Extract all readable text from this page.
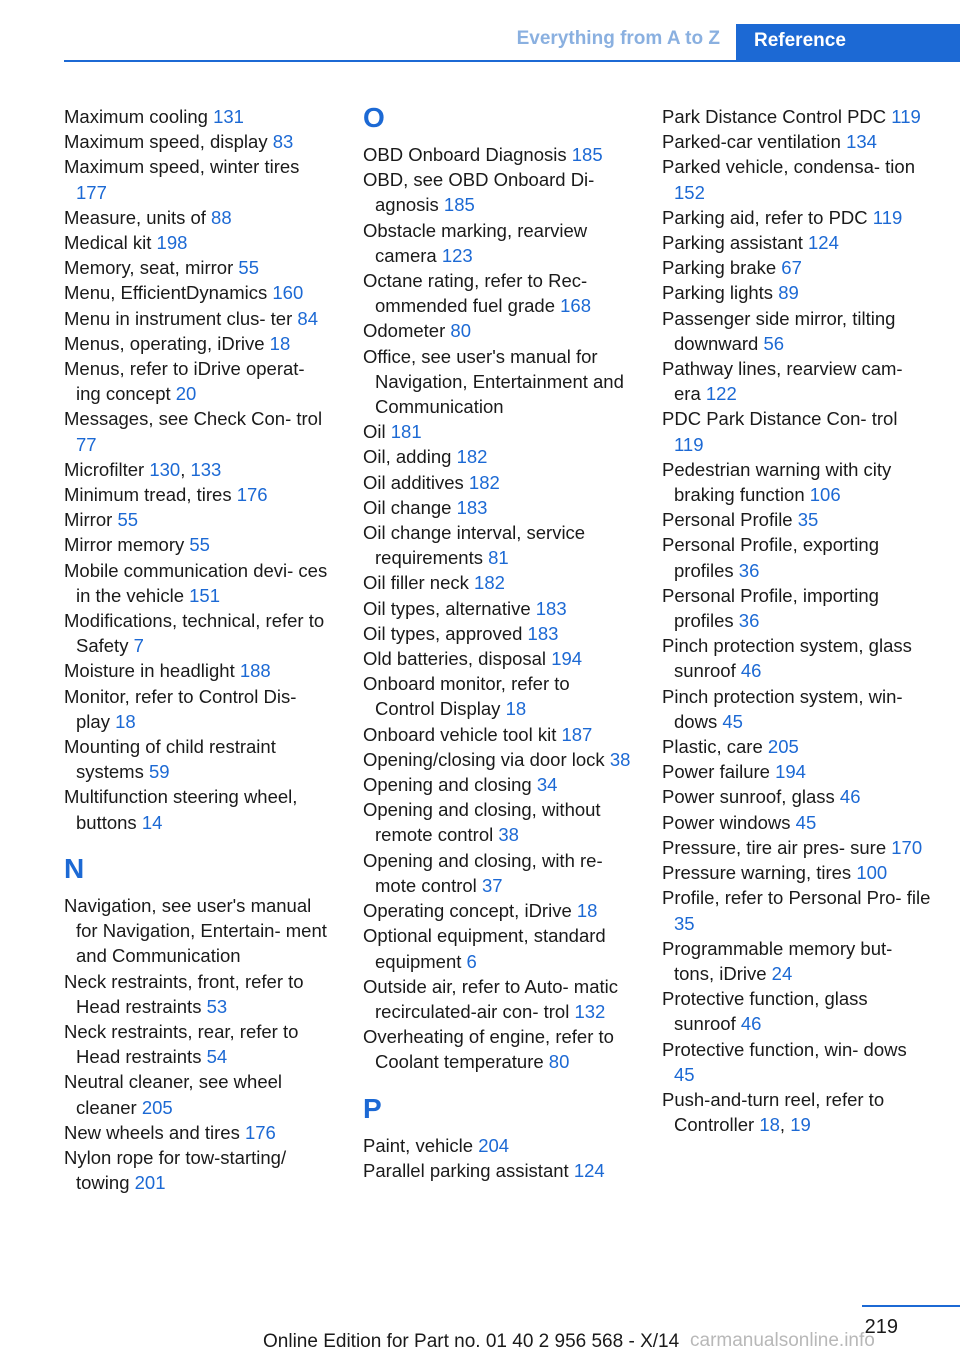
Everything from A to Z	Reference
Maximum cooling 131
Maximum speed, display 83
Maximum speed, winter tires 177
Measure, units of 88
Medical kit 198
Memory, seat, mirror 55
Menu, EfficientDynamics 160
Menu in instrument clus‑ ter 84
Menus, operating, iDrive 18
Menus, refer to iDrive operat‑ ing concept 20
Messages, see Check Con‑ trol 77
Microfilter 130, 133
Minimum tread, tires 176
Mirror 55
Mirror memory 55
Mobile communication devi‑ ces in the vehicle 151
Modifications, technical, refer to Safety 7
Moisture in headlight 188
Monitor, refer to Control Dis‑ play 18
Mounting of child restraint systems 59
Multifunction steering wheel, buttons 14
N
Navigation, see user's manual for Navigation, Entertain‑ ment and Communication
Neck restraints, front, refer to Head restraints 53
Neck restraints, rear, refer to Head restraints 54
Neutral cleaner, see wheel cleaner 205
New wheels and tires 176
Nylon rope for tow-starting/ towing 201
O
OBD Onboard Diagnosis 185
OBD, see OBD Onboard Di‑ agnosis 185
Obstacle marking, rearview camera 123
Octane rating, refer to Rec‑ ommended fuel grade 168
Odometer 80
Office, see user's manual for Navigation, Entertainment and Communication
Oil 181
Oil, adding 182
Oil additives 182
Oil change 183
Oil change interval, service requirements 81
Oil filler neck 182
Oil types, alternative 183
Oil types, approved 183
Old batteries, disposal 194
Onboard monitor, refer to Control Display 18
Onboard vehicle tool kit 187
Opening/closing via door lock 38
Opening and closing 34
Opening and closing, without remote control 38
Opening and closing, with re‑ mote control 37
Operating concept, iDrive 18
Optional equipment, standard equipment 6
Outside air, refer to Auto‑ matic recirculated-air con‑ trol 132
Overheating of engine, refer to Coolant temperature 80
P
Paint, vehicle 204
Parallel parking assistant 124
Park Distance Control PDC 119
Parked-car ventilation 134
Parked vehicle, condensa‑ tion 152
Parking aid, refer to PDC 119
Parking assistant 124
Parking brake 67
Parking lights 89
Passenger side mirror, tilting downward 56
Pathway lines, rearview cam‑ era 122
PDC Park Distance Con‑ trol 119
Pedestrian warning with city braking function 106
Personal Profile 35
Personal Profile, exporting profiles 36
Personal Profile, importing profiles 36
Pinch protection system, glass sunroof 46
Pinch protection system, win‑ dows 45
Plastic, care 205
Power failure 194
Power sunroof, glass 46
Power windows 45
Pressure, tire air pres‑ sure 170
Pressure warning, tires 100
Profile, refer to Personal Pro‑ file 35
Programmable memory but‑ tons, iDrive 24
Protective function, glass sunroof 46
Protective function, win‑ dows 45
Push-and-turn reel, refer to Controller 18, 19
219
Online Edition for Part no. 01 40 2 956 568 - X/14 carmanualsonline.info
